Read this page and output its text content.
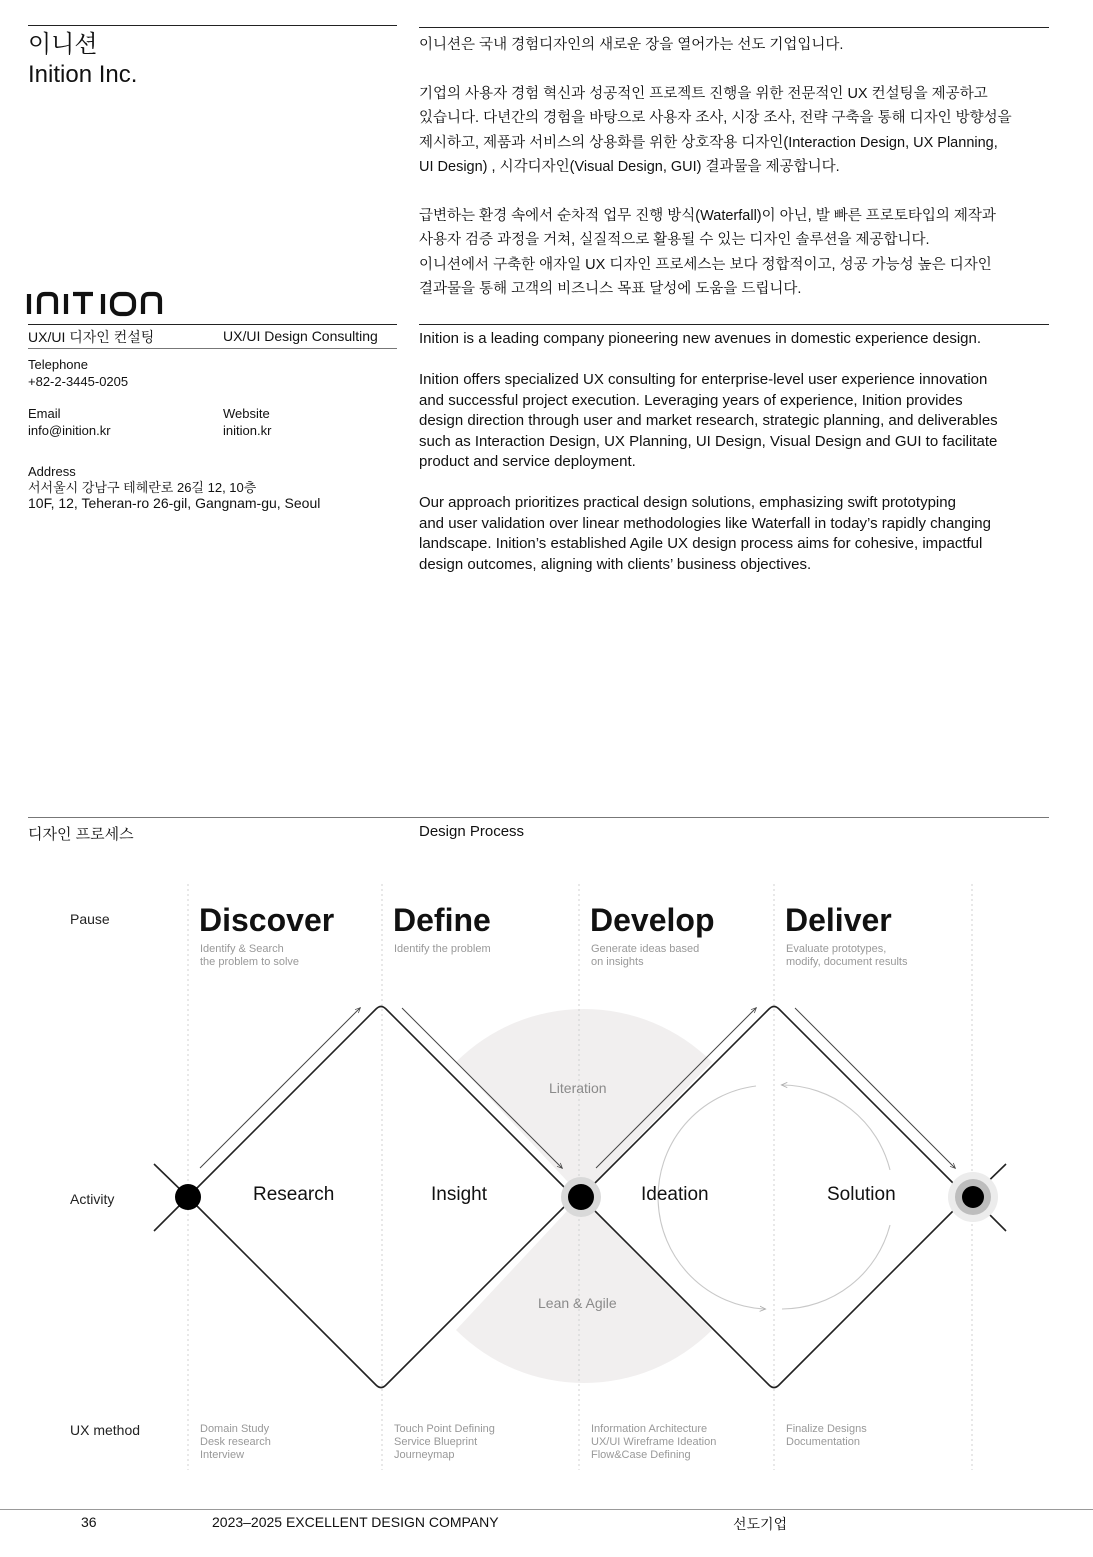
이니션
Inition Inc.
UX/UI 디자인 컨설팅	UX/UI Design Consulting
Telephone
+82-2-3445-0205
Email
info@inition.kr
Website
inition.kr
Address
서서울시 강남구 테헤란로 26길 12, 10층
10F, 12, Teheran-ro 26-gil, Gangnam-gu, Seoul

이니션은 국내 경험디자인의 새로운 장을 열어가는 선도 기업입니다.

기업의 사용자 경험 혁신과 성공적인 프로젝트 진행을 위한 전문적인 UX 컨설팅을 제공하고
있습니다. 다년간의 경험을 바탕으로 사용자 조사, 시장 조사, 전략 구축을 통해 디자인 방향성을
제시하고, 제품과 서비스의 상용화를 위한 상호작용 디자인(Interaction Design, UX Planning,
UI Design) , 시각디자인(Visual Design, GUI) 결과물을 제공합니다.

급변하는 환경 속에서 순차적 업무 진행 방식(Waterfall)이 아닌, 발 빠른 프로토타입의 제작과
사용자 검증 과정을 거쳐, 실질적으로 활용될 수 있는 디자인 솔루션을 제공합니다.
이니션에서 구축한 애자일 UX 디자인 프로세스는 보다 정합적이고, 성공 가능성 높은 디자인
결과물을 통해 고객의 비즈니스 목표 달성에 도움을 드립니다.

Inition is a leading company pioneering new avenues in domestic experience design.

Inition offers specialized UX consulting for enterprise-level user experience innovation
and successful project execution. Leveraging years of experience, Inition provides
design direction through user and market research, strategic planning, and deliverables
such as Interaction Design, UX Planning, UI Design, Visual Design and GUI to facilitate
product and service deployment.

Our approach prioritizes practical design solutions, emphasizing swift prototyping
and user validation over linear methodologies like Waterfall in today’s rapidly changing
landscape. Inition’s established Agile UX design process aims for cohesive, impactful
design outcomes, aligning with clients’ business objectives.

디자인 프로세스	Design Process
Pause
Activity
UX method
Discover
Identify & Search
the problem to solve
Define
Identify the problem
Develop
Generate ideas based
on insights
Deliver
Evaluate prototypes,
modify, document results
Literation
Lean & Agile
Research	Insight	Ideation	Solution
Domain Study
Desk research
Interview
Touch Point Defining
Service Blueprint
Journeymap
Information Architecture
UX/UI Wireframe Ideation
Flow&Case Defining
Finalize Designs
Documentation
36	2023–2025 EXCELLENT DESIGN COMPANY	선도기업
